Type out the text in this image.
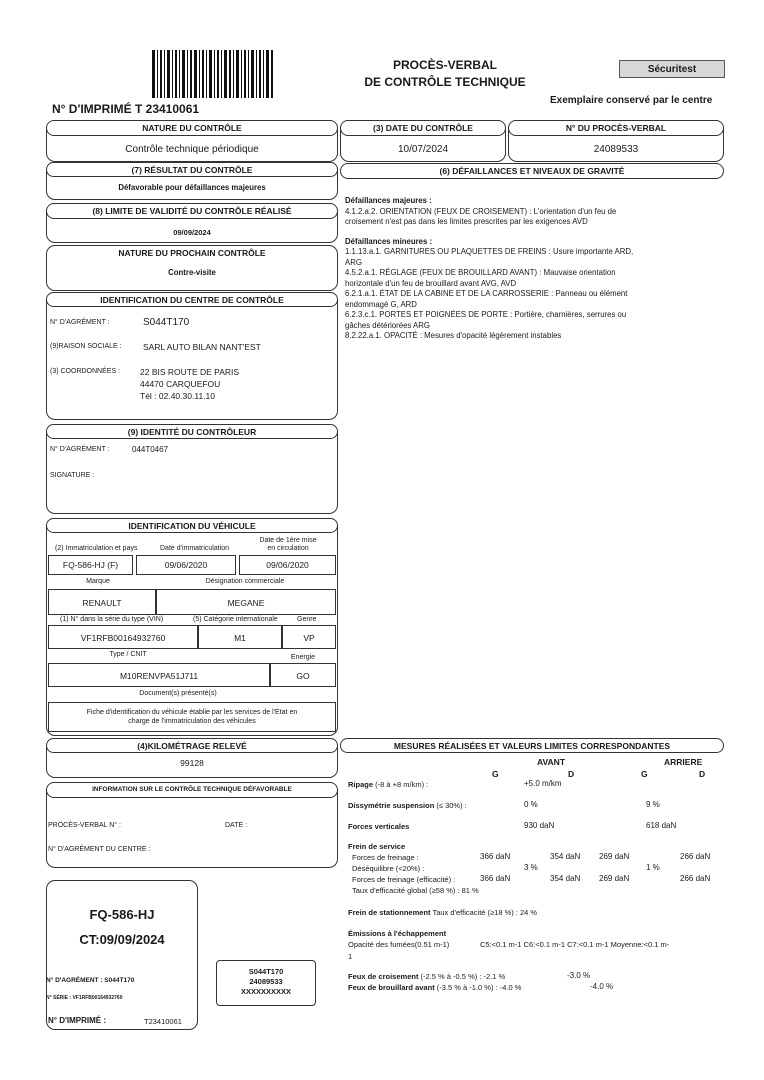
N° D'IMPRIMÉ T 23410061
PROCÈS-VERBAL
DE CONTRÔLE TECHNIQUE
Sécuritest
Exemplaire conservé par le centre
NATURE DU CONTRÔLE
Contrôle technique périodique
(3) DATE DU CONTRÔLE
10/07/2024
N° DU PROCÈS-VERBAL
24089533
(7) RÉSULTAT DU CONTRÔLE
Défavorable pour défaillances majeures
(6) DÉFAILLANCES ET NIVEAUX DE GRAVITÉ
(8) LIMITE DE VALIDITÉ DU CONTRÔLE RÉALISÉ
09/09/2024
NATURE DU PROCHAIN CONTRÔLE
Contre-visite
IDENTIFICATION DU CENTRE DE CONTRÔLE
N° D'AGRÉMENT :	S044T170
(9)RAISON SOCIALE :	SARL AUTO BILAN NANT'EST
(3) COORDONNÉES : 22 BIS ROUTE DE PARIS
44470 CARQUEFOU
Tél : 02.40.30.11.10
(9) IDENTITÉ DU CONTRÔLEUR
N° D'AGRÉMENT :	044T0467
SIGNATURE :
IDENTIFICATION DU VÉHICULE
(2) Immatriculation et pays	Date d'immatriculation
Date de 1ère mise
en circulation
FQ-586-HJ (F)	09/06/2020	09/06/2020
Marque	Désignation commerciale
RENAULT	MEGANE
(1) N° dans la série du type (VIN)	(5) Catégorie internationale	Genre
VF1RFB00164932760	M1	VP
Type / CNIT	Energie
M10RENVPA51J711	GO
Document(s) présenté(s)
Fiche d'identification du véhicule établie par les services de l'Etat en
charge de l'immatriculation des véhicules
(4)KILOMÉTRAGE RELEVÉ
99128
INFORMATION SUR LE CONTRÔLE TECHNIQUE DÉFAVORABLE
PROCÈS-VERBAL N° :	DATE :
N° D'AGRÉMENT DU CENTRE :
FQ-586-HJ
CT:09/09/2024
N° D'AGRÉMENT : S044T170
N° SÉRIE : VF1RFB00164932760
N° D'IMPRIMÉ :	T23410061
S044T170
24089533
XXXXXXXXXX
Défaillances majeures :
4.1.2.a.2. ORIENTATION (FEUX DE CROISEMENT) : L'orientation d'un feu de
croisement n'est pas dans les limites prescrites par les exigences AVD
Défaillances mineures :
1.1.13.a.1. GARNITURES OU PLAQUETTES DE FREINS : Usure importante ARD,
ARG
4.5.2.a.1. RÉGLAGE (FEUX DE BROUILLARD AVANT) : Mauvaise orientation
horizontale d'un feu de brouillard avant AVG, AVD
6.2.1.a.1. ÉTAT DE LA CABINE ET DE LA CARROSSERIE : Panneau ou élément
endommagé G, ARD
6.2.3.c.1. PORTES ET POIGNÉES DE PORTE : Portière, charnières, serrures ou
gâches détériorées ARG
8.2.22.a.1. OPACITÉ : Mesures d'opacité légèrement instables
MESURES RÉALISÉES ET VALEURS LIMITES CORRESPONDANTES
AVANT	ARRIERE
G	D	G	D
Ripage (-8 à +8 m/km) :	+5.0 m/km
Dissymétrie suspension (≤ 30%) :	0 %	9 %
Forces verticales	930 daN	618 daN
Frein de service
Forces de freinage :	366 daN	354 daN 269 daN	266 daN
Déséquilibre (<20%) :	3 %	1 %
Forces de freinage (efficacité) :	366 daN	354 daN 269 daN	266 daN
Taux d'efficacité global (≥58 %) : 81 %
Frein de stationnement Taux d'efficacité (≥18 %) : 24 %
Émissions à l'échappement
Opacité des fumées(0.51 m-1)	C5:<0.1 m-1 C6:<0.1 m-1 C7:<0.1 m-1 Moyenne:<0.1 m-
1
Feux de croisement (-2.5 % à -0.5 %) : -2.1 %	-3.0 %
Feux de brouillard avant (-3.5 % à -1.0 %) : -4.0 %	-4.0 %
